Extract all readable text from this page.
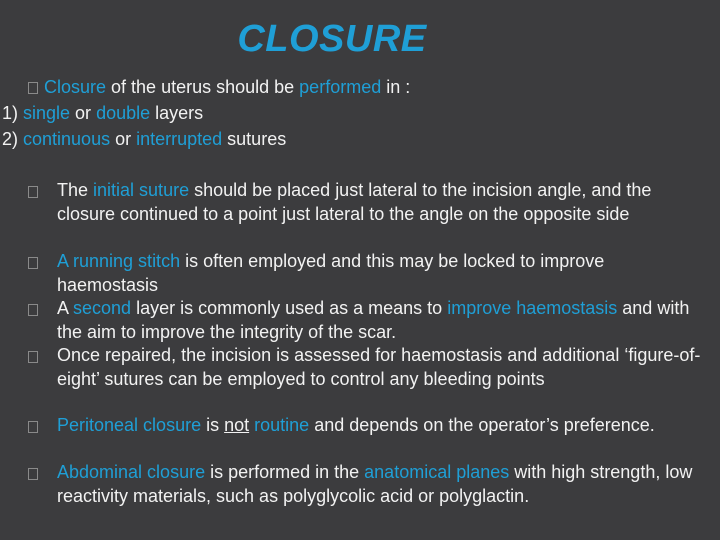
CLOSURE
Closure of the uterus should be performed in :
1) single or double layers
2) continuous or interrupted sutures
The initial suture should be placed just lateral to the incision angle, and the closure continued to a point just lateral to the angle on the opposite side
A running stitch is often employed and this may be locked to improve haemostasis
A second layer is commonly used as a means to improve haemostasis and with the aim to improve the integrity of the scar.
Once repaired, the incision is assessed for haemostasis and additional ‘figure-of-eight’ sutures can be employed to control any bleeding points
Peritoneal closure is not routine and depends on the operator’s preference.
Abdominal closure is performed in the anatomical planes with high strength, low reactivity materials, such as polyglycolic acid or polyglactin.
